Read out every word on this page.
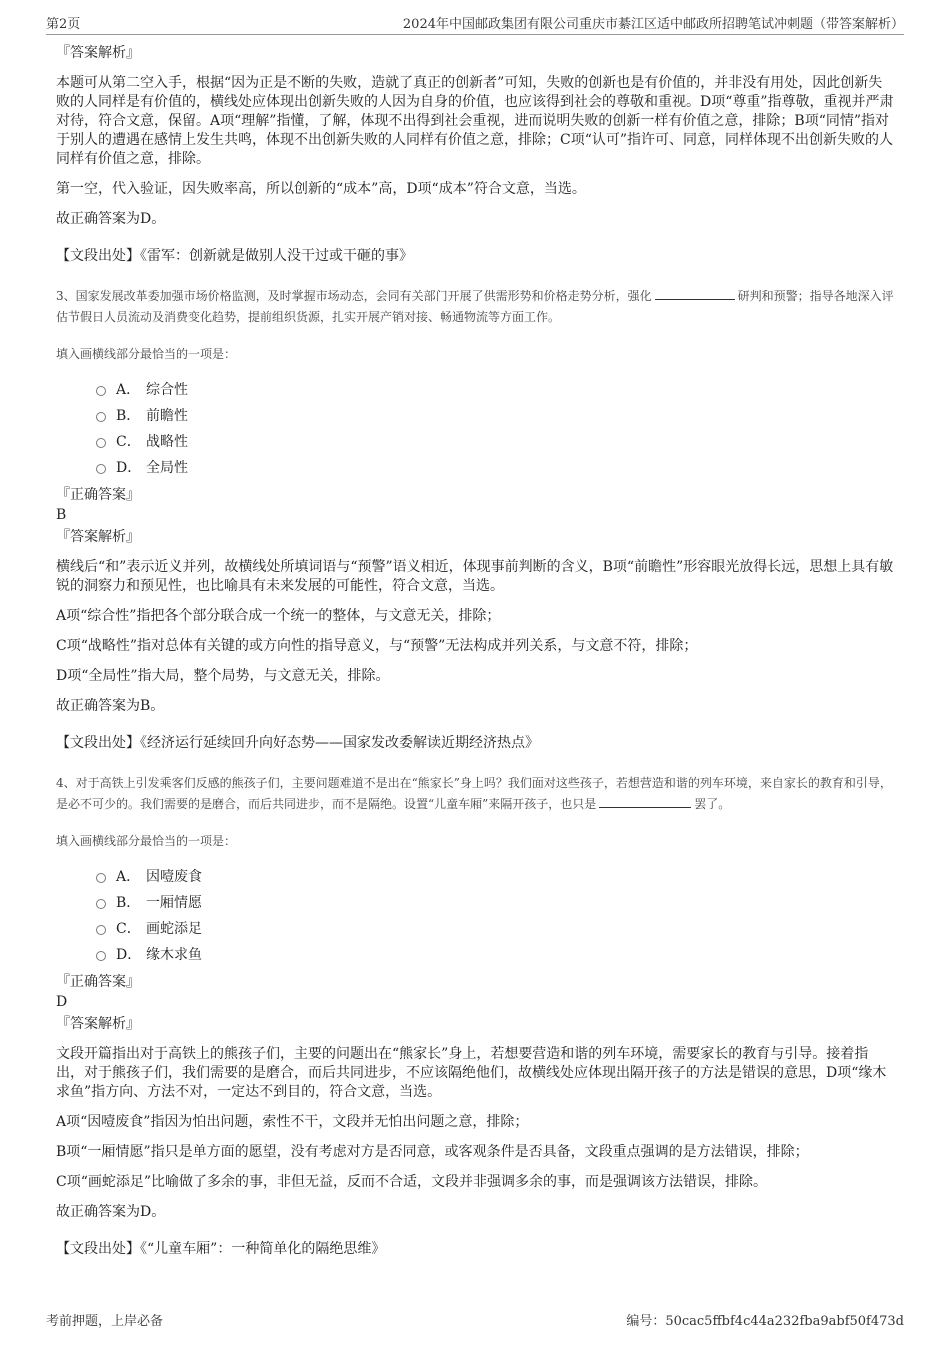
第2页	2024年中国邮政集团有限公司重庆市綦江区适中邮政所招聘笔试冲刺题（带答案解析）
『答案解析』

本题可从第二空入手，根据“因为正是不断的失败，造就了真正的创新者”可知，失败的创新也是有价值的，并非没有用处，因此创新失败的人同样是有价值的，横线处应体现出创新失败的人因为自身的价值，也应该得到社会的尊敬和重视。D项“尊重”指尊敬，重视并严肃对待，符合文意，保留。A项“理解”指懂，了解，体现不出得到社会重视，进而说明失败的创新一样有价值之意，排除；B项“同情”指对于别人的遭遇在感情上发生共鸣，体现不出创新失败的人同样有价值之意，排除；C项“认可”指许可、同意，同样体现不出创新失败的人同样有价值之意，排除。

第一空，代入验证，因失败率高，所以创新的“成本”高，D项“成本”符合文意，当选。

故正确答案为D。

【文段出处】《雷军：创新就是做别人没干过或干砸的事》
3、国家发展改革委加强市场价格监测，及时掌握市场动态，会同有关部门开展了供需形势和价格走势分析，强化	研判和预警；指导各地深入评估节假日人员流动及消费变化趋势，提前组织货源，扎实开展产销对接、畅通物流等方面工作。
填入画横线部分最恰当的一项是：
A． 综合性
B． 前瞻性
C． 战略性
D． 全局性
『正确答案』
B
『答案解析』

横线后“和”表示近义并列，故横线处所填词语与“预警”语义相近，体现事前判断的含义，B项“前瞻性”形容眼光放得长远，思想上具有敏锐的洞察力和预见性，也比喻具有未来发展的可能性，符合文意，当选。

A项“综合性”指把各个部分联合成一个统一的整体，与文意无关，排除；

C项“战略性”指对总体有关键的或方向性的指导意义，与“预警”无法构成并列关系，与文意不符，排除；

D项“全局性”指大局，整个局势，与文意无关，排除。

故正确答案为B。

【文段出处】《经济运行延续回升向好态势——国家发改委解读近期经济热点》
4、对于高铁上引发乘客们反感的熊孩子们，主要问题难道不是出在“熊家长”身上吗？我们面对这些孩子，若想营造和谐的列车环境，来自家长的教育和引导，是必不可少的。我们需要的是磨合，而后共同进步，而不是隔绝。设置“儿童车厢”来隔开孩子，也只是	罢了。
填入画横线部分最恰当的一项是：
A． 因噎废食
B． 一厢情愿
C． 画蛇添足
D． 缘木求鱼
『正确答案』
D
『答案解析』

文段开篇指出对于高铁上的熊孩子们，主要的问题出在“熊家长”身上，若想要营造和谐的列车环境，需要家长的教育与引导。接着指出，对于熊孩子们，我们需要的是磨合，而后共同进步，不应该隔绝他们，故横线处应体现出隔开孩子的方法是错误的意思，D项“缘木求鱼”指方向、方法不对，一定达不到目的，符合文意，当选。

A项“因噎废食”指因为怕出问题，索性不干，文段并无怕出问题之意，排除；

B项“一厢情愿”指只是单方面的愿望，没有考虑对方是否同意，或客观条件是否具备，文段重点强调的是方法错误，排除；

C项“画蛇添足”比喻做了多余的事，非但无益，反而不合适，文段并非强调多余的事，而是强调该方法错误，排除。

故正确答案为D。

【文段出处】《“儿童车厢”：一种简单化的隔绝思维》
考前押题，上岸必备	编号：50cac5ffbf4c44a232fba9abf50f473d
